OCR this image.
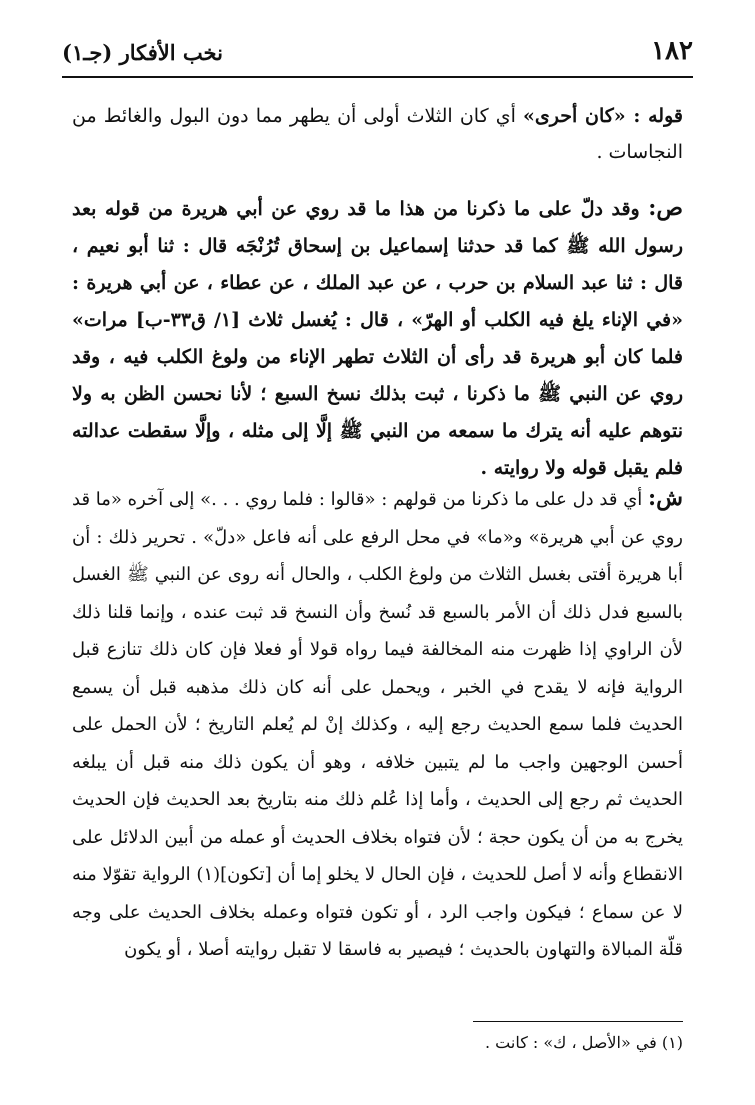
١٨٢
نخب الأفكار (جـ١)

قوله : «كان أحرى» أي كان الثلاث أولى أن يطهر مما دون البول والغائط من النجاسات .

ص: وقد دلّ على ما ذكرنا من هذا ما قد روي عن أبي هريرة من قوله بعد رسول الله ﷺ كما قد حدثنا إسماعيل بن إسحاق تُرُنْجَه قال : ثنا أبو نعيم ، قال : ثنا عبد السلام بن حرب ، عن عبد الملك ، عن عطاء ، عن أبي هريرة : «في الإناء يلغ فيه الكلب أو الهرّ» ، قال : يُغسل ثلاث [١/ ق٣٣-ب] مرات» فلما كان أبو هريرة قد رأى أن الثلاث تطهر الإناء من ولوغ الكلب فيه ، وقد روي عن النبي ﷺ ما ذكرنا ، ثبت بذلك نسخ السبع ؛ لأنا نحسن الظن به ولا نتوهم عليه أنه يترك ما سمعه من النبي ﷺ إلَّا إلى مثله ، وإلَّا سقطت عدالته فلم يقبل قوله ولا روايته .

ش: أي قد دل على ما ذكرنا من قولهم : «قالوا : فلما روي . . .» إلى آخره «ما قد روي عن أبي هريرة» و«ما» في محل الرفع على أنه فاعل «دلّ» . تحرير ذلك : أن أبا هريرة أفتى بغسل الثلاث من ولوغ الكلب ، والحال أنه روى عن النبي ﷺ الغسل بالسبع فدل ذلك أن الأمر بالسبع قد نُسخ وأن النسخ قد ثبت عنده ، وإنما قلنا ذلك لأن الراوي إذا ظهرت منه المخالفة فيما رواه قولا أو فعلا فإن كان ذلك تنازع قبل الرواية فإنه لا يقدح في الخبر ، ويحمل على أنه كان ذلك مذهبه قبل أن يسمع الحديث فلما سمع الحديث رجع إليه ، وكذلك إنْ لم يُعلم التاريخ ؛ لأن الحمل على أحسن الوجهين واجب ما لم يتبين خلافه ، وهو أن يكون ذلك منه قبل أن يبلغه الحديث ثم رجع إلى الحديث ، وأما إذا عُلم ذلك منه بتاريخ بعد الحديث فإن الحديث يخرج به من أن يكون حجة ؛ لأن فتواه بخلاف الحديث أو عمله من أبين الدلائل على الانقطاع وأنه لا أصل للحديث ، فإن الحال لا يخلو إما أن [تكون](١) الرواية تقوّلا منه لا عن سماع ؛ فيكون واجب الرد ، أو تكون فتواه وعمله بخلاف الحديث على وجه قلّة المبالاة والتهاون بالحديث ؛ فيصير به فاسقا لا تقبل روايته أصلا ، أو يكون

(١) في «الأصل ، ك» : كانت .
